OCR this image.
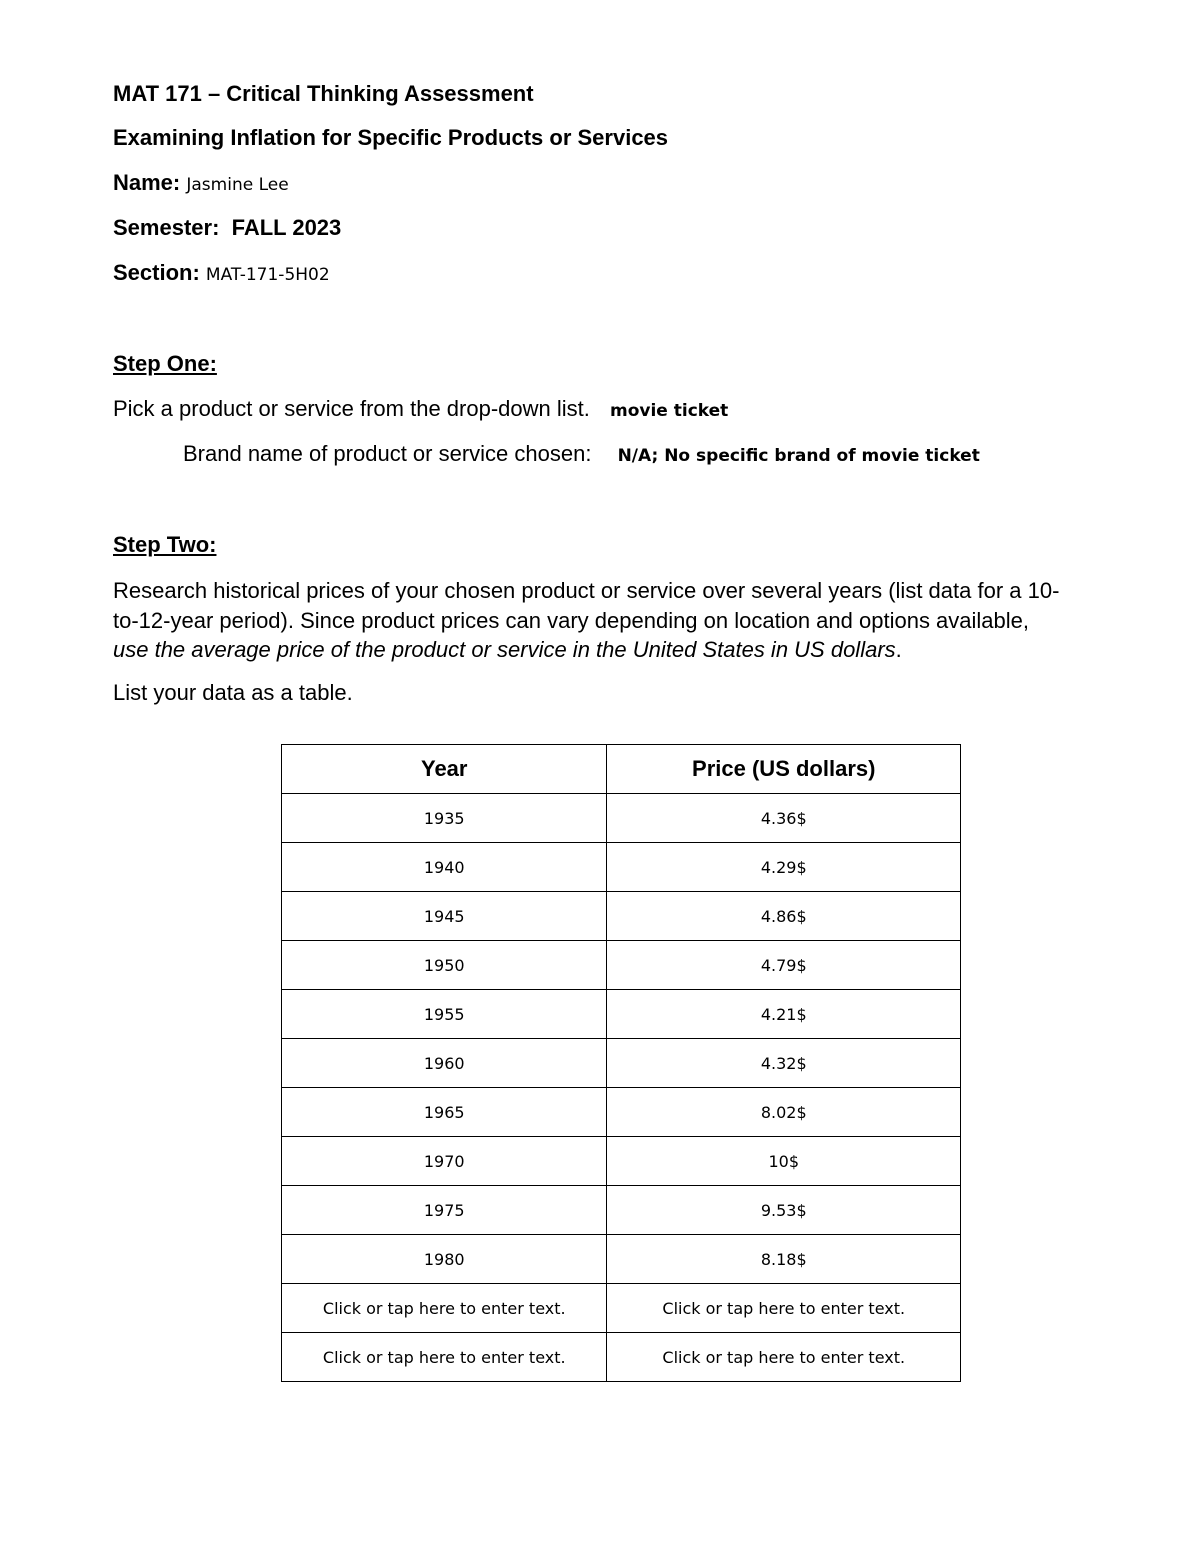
MAT 171 – Critical Thinking Assessment
Examining Inflation for Specific Products or Services
Name: Jasmine Lee
Semester: FALL 2023
Section: MAT-171-5H02
Step One:
Pick a product or service from the drop-down list. movie ticket
Brand name of product or service chosen: N/A; No specific brand of movie ticket
Step Two:
Research historical prices of your chosen product or service over several years (list data for a 10-
to-12-year period). Since product prices can vary depending on location and options available,
use the average price of the product or service in the United States in US dollars.
List your data as a table.
Year	Price (US dollars)
1935	4.36$
1940	4.29$
1945	4.86$
1950	4.79$
1955	4.21$
1960	4.32$
1965	8.02$
1970	10$
1975	9.53$
1980	8.18$
Click or tap here to enter text.	Click or tap here to enter text.
Click or tap here to enter text.	Click or tap here to enter text.
